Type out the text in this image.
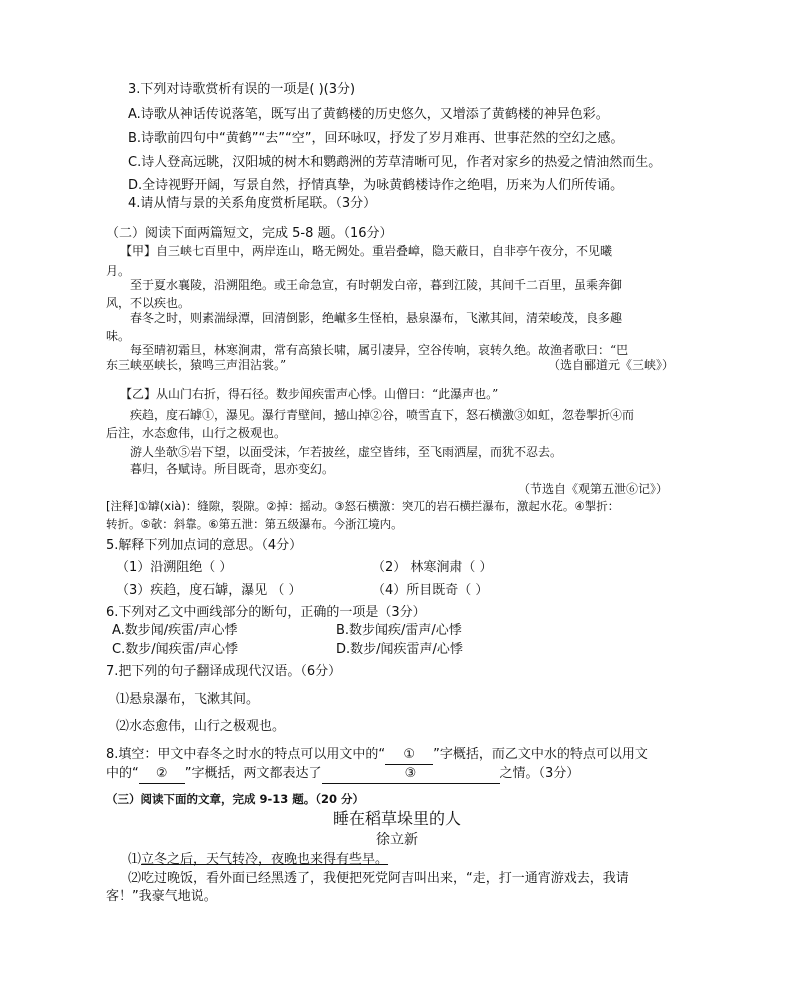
3.下列对诗歌赏析有误的一项是( )(3分)
A.诗歌从神话传说落笔，既写出了黄鹤楼的历史悠久，又增添了黄鹤楼的神异色彩。
B.诗歌前四句中“黄鹤”“去”“空”，回环咏叹，抒发了岁月难再、世事茫然的空幻之感。
C.诗人登高远眺，汉阳城的树木和鹦鹉洲的芳草清晰可见，作者对家乡的热爱之情油然而生。
D.全诗视野开阔，写景自然，抒情真挚，为咏黄鹤楼诗作之绝唱，历来为人们所传诵。
4.请从情与景的关系角度赏析尾联。（3分）
（二）阅读下面两篇短文，完成 5-8 题。（16分）
【甲】自三峡七百里中，两岸连山，略无阙处。重岩叠嶂，隐天蔽日，自非亭午夜分，不见曦
月。
至于夏水襄陵，沿溯阻绝。或王命急宣，有时朝发白帝，暮到江陵，其间千二百里，虽乘奔御
风，不以疾也。
春冬之时，则素湍绿潭，回清倒影，绝𪩘多生怪柏，悬泉瀑布，飞漱其间，清荣峻茂，良多趣
味。
每至晴初霜旦，林寒涧肃，常有高猿长啸，属引凄异，空谷传响，哀转久绝。故渔者歌曰：“巴
东三峡巫峡长，猿鸣三声泪沾裳。”	（选自郦道元《三峡》）
【乙】从山门右折，得石径。数步闻疾雷声心悸。山僧曰：“此瀑声也。”
疾趋，度石罅①，瀑见。瀑行青壁间，撼山掉②谷，喷雪直下，怒石横激③如虹，忽卷掣折④而
后注，水态愈伟，山行之极观也。
游人坐欹⑤岩下望，以面受沫，乍若披丝，虚空皆纬，至飞雨洒屋，而犹不忍去。
暮归，各赋诗。所目既奇，思亦变幻。
（节选自《观第五泄⑥记》）
[注释]①罅(xià)：缝隙，裂隙。②掉：摇动。③怒石横激：突兀的岩石横拦瀑布，激起水花。④掣折：
转折。⑤欹：斜靠。⑥第五泄：第五级瀑布。今浙江境内。
5.解释下列加点词的意思。（4分）
（1）沿溯阻绝（ ）	（2） 林寒涧肃（ ）
（3）疾趋，度石罅，瀑见 （ ）	（4）所目既奇（ ）
6.下列对乙文中画线部分的断句，正确的一项是（3分）
A.数步闻/疾雷/声心悸	B.数步闻疾/雷声/心悸
C.数步/闻疾雷/声心悸	D.数步/闻疾雷声/心悸
7.把下列的句子翻译成现代汉语。（6分）
⑴悬泉瀑布，飞漱其间。
⑵水态愈伟，山行之极观也。
8.填空：甲文中春冬之时水的特点可以用文中的“ ① ”字概括，而乙文中水的特点可以用文
中的“ ② ”字概括，两文都表达了	③	之情。（3分）
（三）阅读下面的文章，完成 9-13 题。（20 分）
睡在稻草垛里的人
徐立新
⑴立冬之后，天气转冷，夜晚也来得有些早。
⑵吃过晚饭，看外面已经黑透了，我便把死党阿吉叫出来，“走，打一通宵游戏去，我请
客！”我豪气地说。
